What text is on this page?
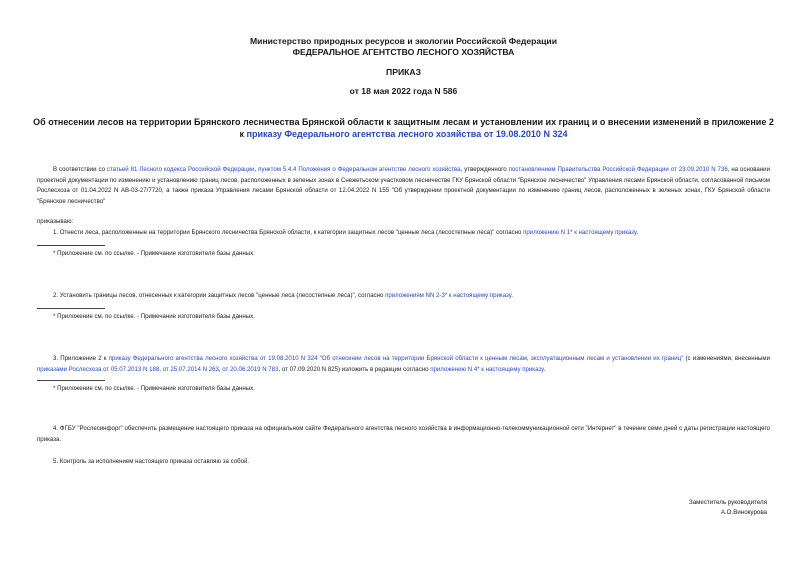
Министерство природных ресурсов и экологии Российской Федерации
ФЕДЕРАЛЬНОЕ АГЕНТСТВО ЛЕСНОГО ХОЗЯЙСТВА
ПРИКАЗ
от 18 мая 2022 года N 586
Об отнесении лесов на территории Брянского лесничества Брянской области к защитным лесам и установлении их границ и о внесении изменений в приложение 2
к приказу Федерального агентства лесного хозяйства от 19.08.2010 N 324
В соответствии со статьей 81 Лесного кодекса Российской Федерации, пунктом 5.4.4 Положения о Федеральном агентстве лесного хозяйства, утвержденного постановлением Правительства Российской Федерации от 23.09.2010 N 736, на основании проектной документации по изменению и установлению границ лесов, расположенных в зеленых зонах в Снежетьском участковом лесничестве ГКУ Брянской области "Брянское лесничество" Управления лесами Брянской области, согласованной письмом Рослесхоза от 01.04.2022 N АВ-03-27/7720, а также приказа Управления лесами Брянской области от 12.04.2022 N 155 "Об утверждении проектной документации по изменению границ лесов, расположенных в зеленых зонах, ГКУ Брянской области "Брянское лесничество"
приказываю:
1. Отнести леса, расположенные на территории Брянского лесничества Брянской области, к категории защитных лесов "ценные леса (лесостепные леса)" согласно приложению N 1* к настоящему приказу.
* Приложение см. по ссылке. - Примечание изготовителя базы данных.
2. Установить границы лесов, отнесенных к категории защитных лесов "ценные леса (лесостепные леса)", согласно приложениям NN 2-3* к настоящему приказу.
* Приложение см. по ссылке. - Примечание изготовителя базы данных.
3. Приложение 2 к приказу Федерального агентства лесного хозяйства от 19.08.2010 N 324 "Об отнесении лесов на территории Брянской области к ценным лесам, эксплуатационным лесам и установлении их границ" (с изменениями, внесенными приказами Рослесхоза от 05.07.2013 N 188, от 25.07.2014 N 263, от 20.06.2019 N 783, от 07.09.2020 N 825) изложить в редакции согласно приложению N 4* к настоящему приказу.
* Приложение см. по ссылке. - Примечание изготовителя базы данных.
4. ФГБУ "Рослесинфорг" обеспечить размещение настоящего приказа на официальном сайте Федерального агентства лесного хозяйства в информационно-телекоммуникационной сети "Интернет" в течение семи дней с даты регистрации настоящего приказа.
5. Контроль за исполнением настоящего приказа оставляю за собой.
Заместитель руководителя
А.О.Винокурова
